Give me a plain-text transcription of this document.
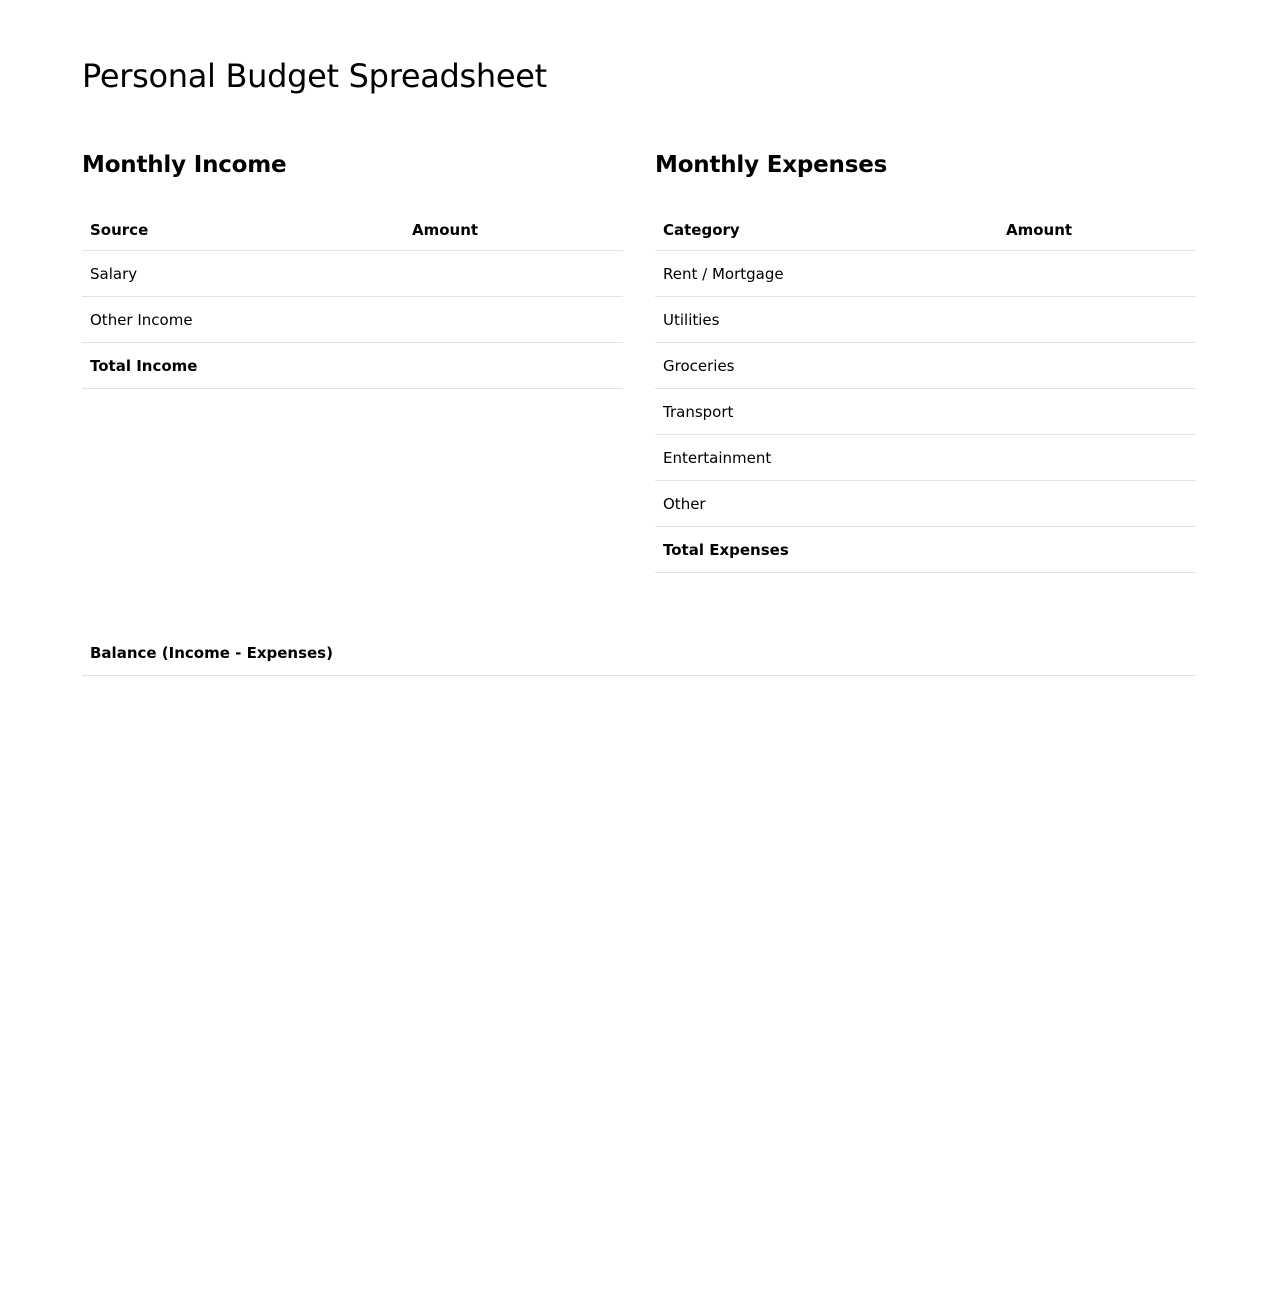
Personal Budget Spreadsheet
Monthly Income
Source	Amount
Salary	
Other Income	
Total Income	
Monthly Expenses
Category	Amount
Rent / Mortgage	
Utilities	
Groceries	
Transport	
Entertainment	
Other	
Total Expenses	
Balance (Income - Expenses)
